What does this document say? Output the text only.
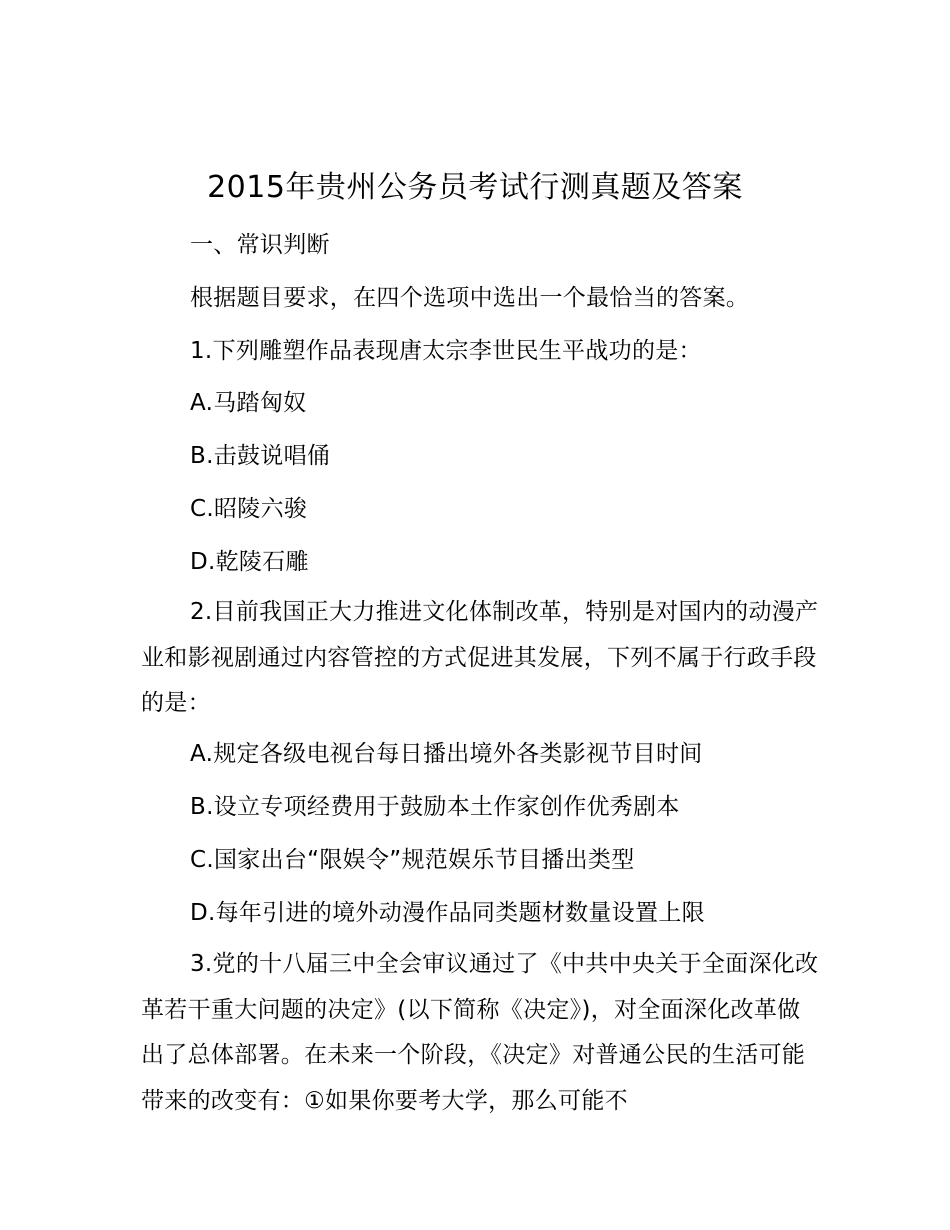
2015年贵州公务员考试行测真题及答案

一、常识判断

根据题目要求，在四个选项中选出一个最恰当的答案。

1.下列雕塑作品表现唐太宗李世民生平战功的是：

A.马踏匈奴

B.击鼓说唱俑

C.昭陵六骏

D.乾陵石雕

2.目前我国正大力推进文化体制改革，特别是对国内的动漫产业和影视剧通过内容管控的方式促进其发展，下列不属于行政手段的是：

A.规定各级电视台每日播出境外各类影视节目时间

B.设立专项经费用于鼓励本土作家创作优秀剧本

C.国家出台“限娱令”规范娱乐节目播出类型

D.每年引进的境外动漫作品同类题材数量设置上限

3.党的十八届三中全会审议通过了《中共中央关于全面深化改革若干重大问题的决定》(以下简称《决定》)，对全面深化改革做出了总体部署。在未来一个阶段，《决定》对普通公民的生活可能带来的改变有：①如果你要考大学，那么可能不
